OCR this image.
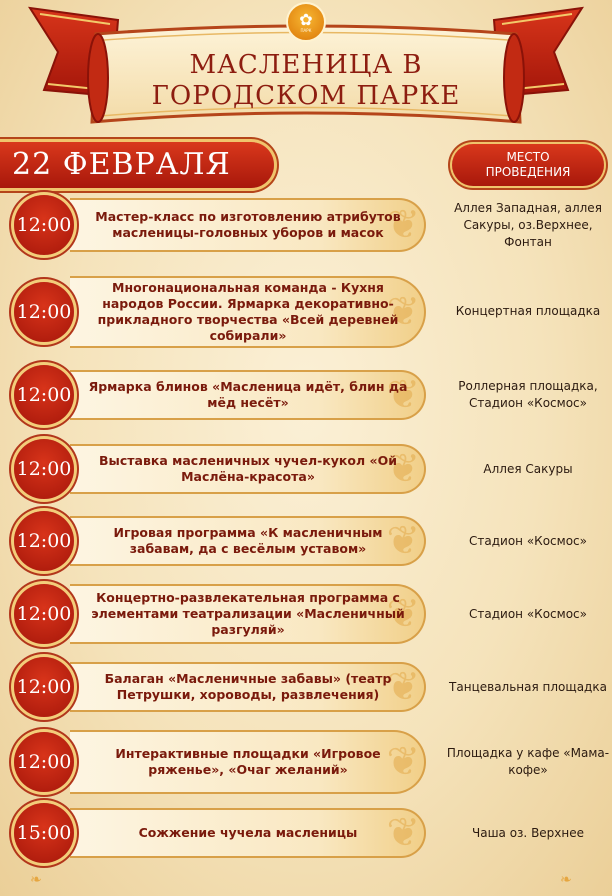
✿
ПАРК
МАСЛЕНИЦА В
ГОРОДСКОМ ПАРКЕ
22 ФЕВРАЛЯ	МЕСТО
ПРОВЕДЕНИЯ
❦
Мастер-класс по изготовлению атрибутов масленицы-головных уборов и масок
12:00
Аллея Западная, аллея Сакуры, оз.Верхнее, Фонтан
❦
Многонациональная команда - Кухня народов России. Ярмарка декоративно-прикладного творчества «Всей деревней собирали»
12:00	Концертная площадка
❦
Ярмарка блинов «Масленица идёт, блин да мёд несёт»
12:00	Роллерная площадка, Стадион «Космос»
❦
Выставка масленичных чучел-кукол «Ой Маслёна-красота»
12:00	Аллея Сакуры
❦
Игровая программа «К масленичным забавам, да с весёлым уставом»
12:00	Стадион «Космос»
❦
Концертно-развлекательная программа с элементами театрализации «Масленичный разгуляй»
12:00	Стадион «Космос»
❦
Балаган «Масленичные забавы» (театр Петрушки, хороводы, развлечения)
12:00	Танцевальная площадка
❦
Интерактивные площадки «Игровое ряженье», «Очаг желаний»
12:00	Площадка у кафе «Мама-кофе»
❦
Сожжение чучела масленицы
15:00	Чаша оз. Верхнее
❧	❧
